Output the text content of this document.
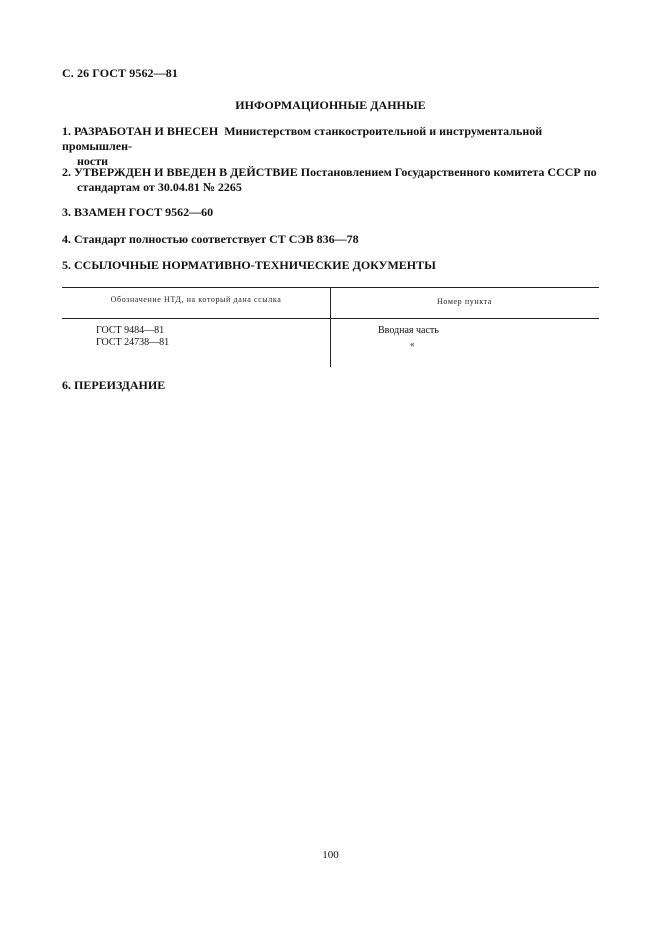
С. 26 ГОСТ 9562—81
ИНФОРМАЦИОННЫЕ ДАННЫЕ
1. РАЗРАБОТАН И ВНЕСЕН Министерством станкостроительной и инструментальной промышлен-
ности
2. УТВЕРЖДЕН И ВВЕДЕН В ДЕЙСТВИЕ Постановлением Государственного комитета СССР по
стандартам от 30.04.81 № 2265
3. ВЗАМЕН ГОСТ 9562—60
4. Стандарт полностью соответствует СТ СЭВ 836—78
5. ССЫЛОЧНЫЕ НОРМАТИВНО-ТЕХНИЧЕСКИЕ ДОКУМЕНТЫ
Обозначение НТД, на который дана ссылка	Номер пункта
ГОСТ 9484—81
ГОСТ 24738—81
Вводная часть
«
6. ПЕРЕИЗДАНИЕ
100
